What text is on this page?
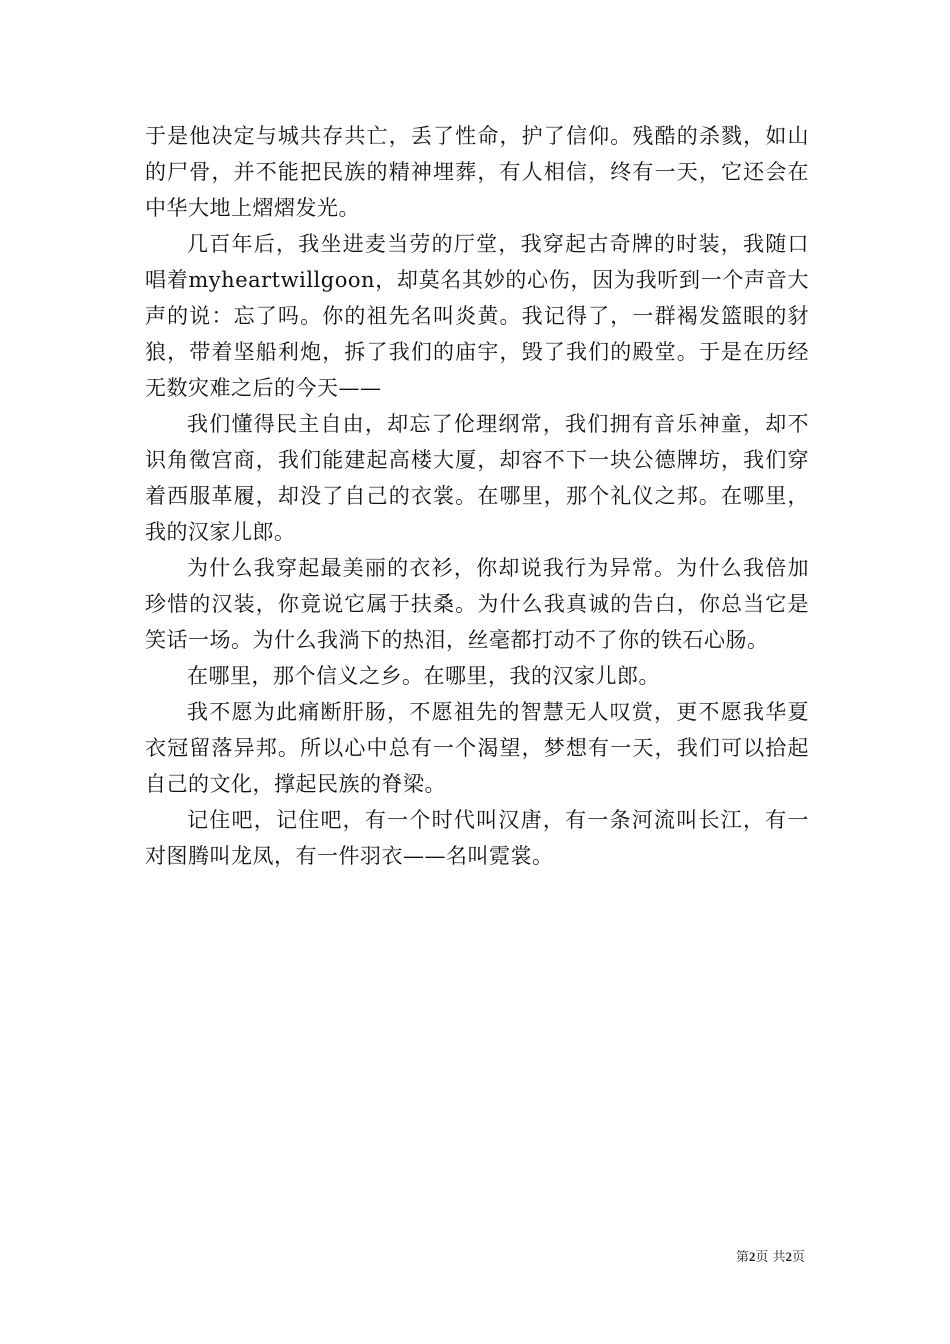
于是他决定与城共存共亡，丢了性命，护了信仰。残酷的杀戮，如山的尸骨，并不能把民族的精神埋葬，有人相信，终有一天，它还会在中华大地上熠熠发光。

几百年后，我坐进麦当劳的厅堂，我穿起古奇牌的时装，我随口唱着myheartwillgoon，却莫名其妙的心伤，因为我听到一个声音大声的说：忘了吗。你的祖先名叫炎黄。我记得了，一群褐发篮眼的豺狼，带着坚船利炮，拆了我们的庙宇，毁了我们的殿堂。于是在历经无数灾难之后的今天——

我们懂得民主自由，却忘了伦理纲常，我们拥有音乐神童，却不识角徵宫商，我们能建起高楼大厦，却容不下一块公德牌坊，我们穿着西服革履，却没了自己的衣裳。在哪里，那个礼仪之邦。在哪里，我的汉家儿郎。

为什么我穿起最美丽的衣衫，你却说我行为异常。为什么我倍加珍惜的汉装，你竟说它属于扶桑。为什么我真诚的告白，你总当它是笑话一场。为什么我淌下的热泪，丝毫都打动不了你的铁石心肠。

在哪里，那个信义之乡。在哪里，我的汉家儿郎。

我不愿为此痛断肝肠，不愿祖先的智慧无人叹赏，更不愿我华夏衣冠留落异邦。所以心中总有一个渴望，梦想有一天，我们可以拾起自己的文化，撑起民族的脊梁。

记住吧，记住吧，有一个时代叫汉唐，有一条河流叫长江，有一对图腾叫龙凤，有一件羽衣——名叫霓裳。

第2页 共2页
